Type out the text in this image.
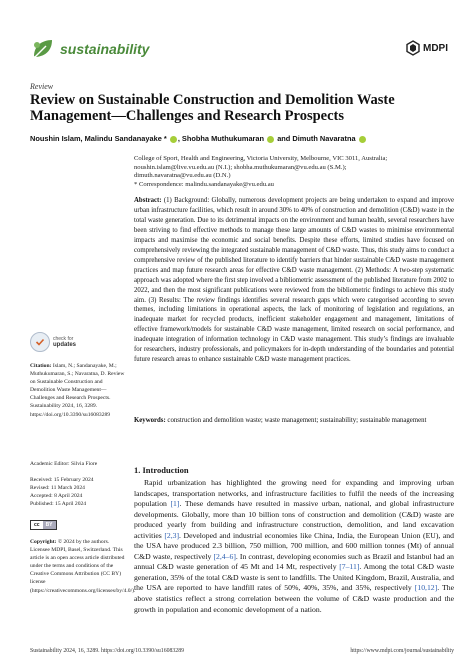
sustainability	MDPI
Review
Review on Sustainable Construction and Demolition Waste Management—Challenges and Research Prospects
Noushin Islam, Malindu Sandanayake * , Shobha Muthukumaran and Dimuth Navaratna
College of Sport, Health and Engineering, Victoria University, Melbourne, VIC 3011, Australia;
noushin.islam@live.vu.edu.au (N.I.); shobha.muthukumaran@vu.edu.au (S.M.);
dimuth.navaratna@vu.edu.au (D.N.)
* Correspondence: malindu.sandanayake@vu.edu.au
Abstract: (1) Background: Globally, numerous development projects are being undertaken to expand and improve urban infrastructure facilities, which result in around 30% to 40% of construction and demolition (C&D) waste in the total waste generation. Due to its detrimental impacts on the environment and human health, several researchers have been striving to find effective methods to manage these large amounts of C&D wastes to minimise environmental impacts and maximise the economic and social benefits. Despite these efforts, limited studies have focused on comprehensively reviewing the integrated sustainable management of C&D waste. Thus, this study aims to conduct a comprehensive review of the published literature to identify barriers that hinder sustainable C&D waste management practices and map future research areas for effective C&D waste management. (2) Methods: A two-step systematic approach was adopted where the first step involved a bibliometric assessment of the published literature from 2002 to 2022, and then the most significant publications were reviewed from the bibliometric findings to achieve this study aim. (3) Results: The review findings identifies several research gaps which were categorised according to seven themes, including limitations in operational aspects, the lack of monitoring of legislation and regulations, an inadequate market for recycled products, inefficient stakeholder engagement and management, limitations of effective framework/models for sustainable C&D waste management, limited research on social performance, and inadequate integration of information technology in C&D waste management. This study’s findings are invaluable for researchers, industry professionals, and policymakers for in-depth understanding of the boundaries and potential future research areas to enhance sustainable C&D waste management practices.
Keywords: construction and demolition waste; waste management; sustainability; sustainable management
check for
updates
Citation: Islam, N.; Sandanayake, M.; Muthukumaran, S.; Navaratna, D. Review on Sustainable Construction and Demolition Waste Management—Challenges and Research Prospects. Sustainability 2024, 16, 3289. https://doi.org/10.3390/su16083289
Academic Editor: Silvia Fiore
Received: 15 February 2024
Revised: 11 March 2024
Accepted: 8 April 2024
Published: 15 April 2024
cc	BY
Copyright: © 2024 by the authors. Licensee MDPI, Basel, Switzerland. This article is an open access article distributed under the terms and conditions of the Creative Commons Attribution (CC BY) license (https://creativecommons.org/licenses/by/4.0/).
1. Introduction
Rapid urbanization has highlighted the growing need for expanding and improving urban landscapes, transportation networks, and infrastructure facilities to fulfil the needs of the increasing population [1]. These demands have resulted in massive urban, national, and global infrastructure developments. Globally, more than 10 billion tons of construction and demolition (C&D) waste are produced yearly from building and infrastructure construction, demolition, and land excavation activities [2,3]. Developed and industrial economies like China, India, the European Union (EU), and the USA have produced 2.3 billion, 750 million, 700 million, and 600 million tonnes (Mt) of annual C&D waste, respectively [2,4–6]. In contrast, developing economies such as Brazil and Istanbul had an annual C&D waste generation of 45 Mt and 14 Mt, respectively [7–11]. Among the total C&D waste generation, 35% of the total C&D waste is sent to landfills. The United Kingdom, Brazil, Australia, and the USA are reported to have landfill rates of 50%, 40%, 35%, and 35%, respectively [10,12]. The above statistics reflect a strong correlation between the volume of C&D waste production and the growth in population and economic development of a nation.
Sustainability 2024, 16, 3289. https://doi.org/10.3390/su16083289	https://www.mdpi.com/journal/sustainability
